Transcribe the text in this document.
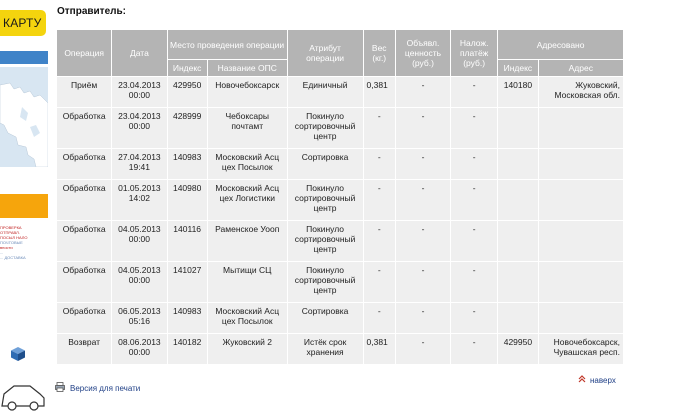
КАРТУ
ПРОВЕРКА
ОТПРАВЛ.
ПОСЫЛ НАЛО
ПОЧТОВЫЕ
вности
...
... ДОСТАВКА
Отправитель:
Операция	Дата	Место проведения операции		Атрибут операции	Вес (кг.)	Объявл. ценность (руб.)	Налож. платёж (руб.)	Адресовано	
		Индекс	Название ОПС					Индекс	Адрес
Приём	23.04.2013 00:00	429950	Новочебоксарск	Единичный	0,381	-	-	140180	Жуковский, Московская обл.
Обработка	23.04.2013 00:00	428999	Чебоксары почтамт	Покинуло сортировочный центр	-	-	-		
Обработка	27.04.2013 19:41	140983	Московский Асц цех Посылок	Сортировка	-	-	-		
Обработка	01.05.2013 14:02	140980	Московский Асц цех Логистики	Покинуло сортировочный центр	-	-	-		
Обработка	04.05.2013 00:00	140116	Раменское Уооп	Покинуло сортировочный центр	-	-	-		
Обработка	04.05.2013 00:00	141027	Мытищи СЦ	Покинуло сортировочный центр	-	-	-		
Обработка	06.05.2013 05:16	140983	Московский Асц цех Посылок	Сортировка	-	-	-		
Возврат	08.06.2013 00:00	140182	Жуковский 2	Истёк срок хранения	0,381	-	-	429950	Новочебоксарск, Чувашская респ.
Версия для печати
наверх
